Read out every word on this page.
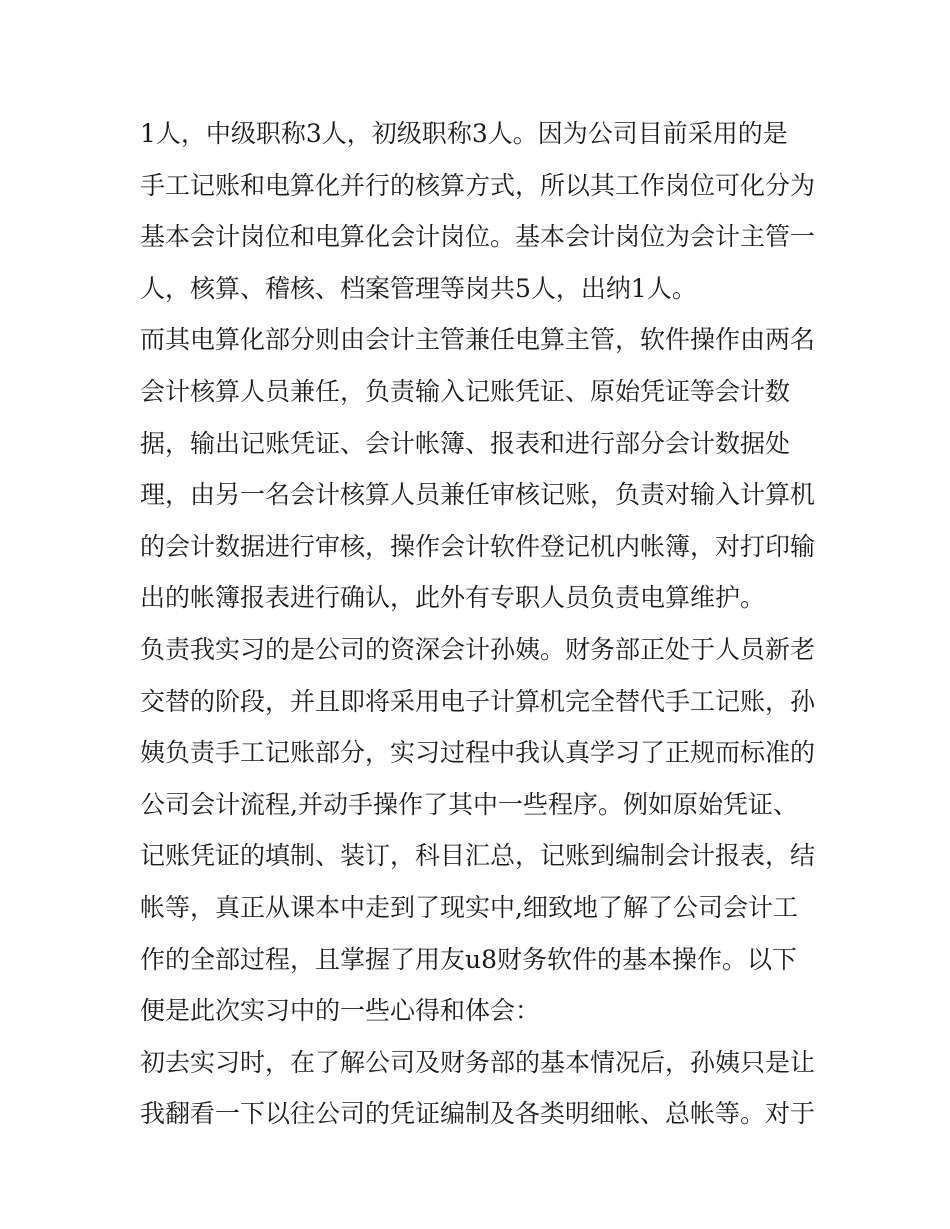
1人，中级职称3人，初级职称3人。因为公司目前采用的是
手工记账和电算化并行的核算方式，所以其工作岗位可化分为
基本会计岗位和电算化会计岗位。基本会计岗位为会计主管一
人，核算、稽核、档案管理等岗共5人，出纳1人。
而其电算化部分则由会计主管兼任电算主管，软件操作由两名
会计核算人员兼任，负责输入记账凭证、原始凭证等会计数
据，输出记账凭证、会计帐簿、报表和进行部分会计数据处
理，由另一名会计核算人员兼任审核记账，负责对输入计算机
的会计数据进行审核，操作会计软件登记机内帐簿，对打印输
出的帐簿报表进行确认，此外有专职人员负责电算维护。
负责我实习的是公司的资深会计孙姨。财务部正处于人员新老
交替的阶段，并且即将采用电子计算机完全替代手工记账，孙
姨负责手工记账部分，实习过程中我认真学习了正规而标准的
公司会计流程,并动手操作了其中一些程序。例如原始凭证、
记账凭证的填制、装订，科目汇总，记账到编制会计报表，结
帐等，真正从课本中走到了现实中,细致地了解了公司会计工
作的全部过程，且掌握了用友u8财务软件的基本操作。以下
便是此次实习中的一些心得和体会：
初去实习时，在了解公司及财务部的基本情况后，孙姨只是让
我翻看一下以往公司的凭证编制及各类明细帐、总帐等。对于
